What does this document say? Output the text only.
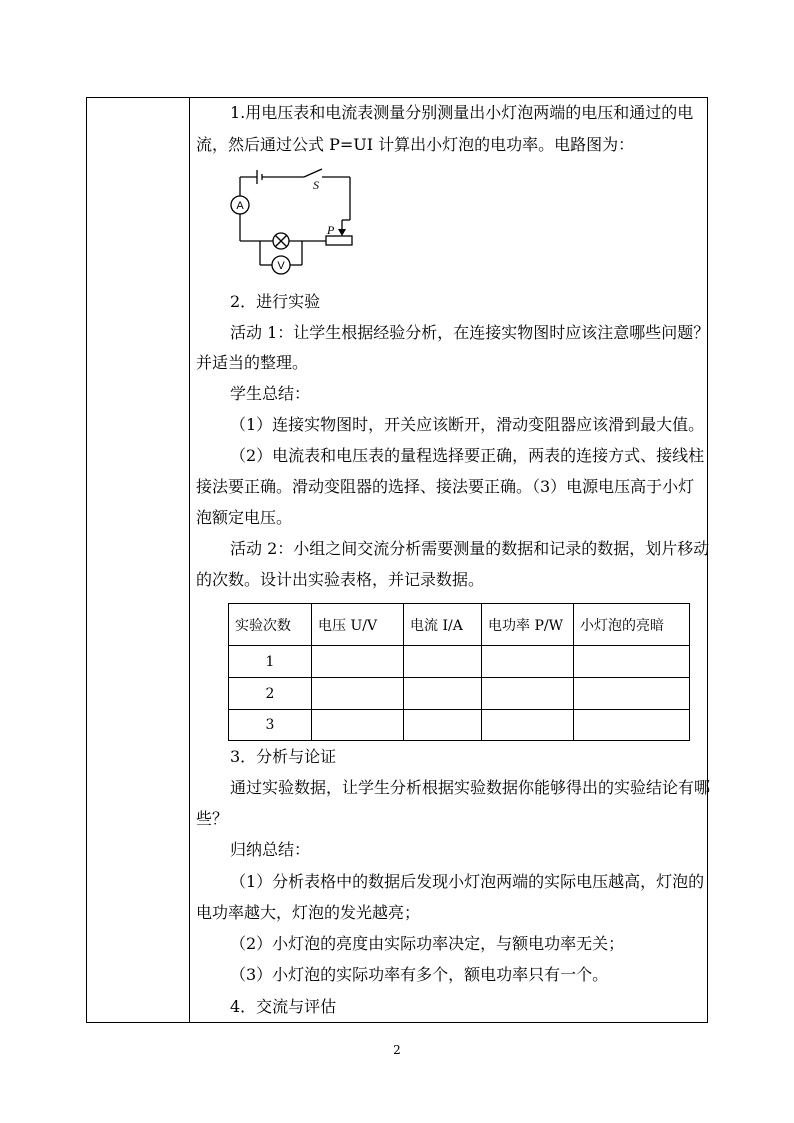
1.用电压表和电流表测量分别测量出小灯泡两端的电压和通过的电
流，然后通过公式 P=UI 计算出小灯泡的电功率。电路图为：
A
V
S
P
2．进行实验
活动 1：让学生根据经验分析，在连接实物图时应该注意哪些问题？
并适当的整理。
学生总结：
（1）连接实物图时，开关应该断开，滑动变阻器应该滑到最大值。
（2）电流表和电压表的量程选择要正确，两表的连接方式、接线柱
接法要正确。滑动变阻器的选择、接法要正确。（3）电源电压高于小灯
泡额定电压。
活动 2：小组之间交流分析需要测量的数据和记录的数据，划片移动
的次数。设计出实验表格，并记录数据。
实验次数	电压 U/V	电流 I/A	电功率 P/W	小灯泡的亮暗
1				
2				
3				
3．分析与论证
通过实验数据，让学生分析根据实验数据你能够得出的实验结论有哪
些？
归纳总结：
（1）分析表格中的数据后发现小灯泡两端的实际电压越高，灯泡的
电功率越大，灯泡的发光越亮；
（2）小灯泡的亮度由实际功率决定，与额电功率无关；
（3）小灯泡的实际功率有多个，额电功率只有一个。
4．交流与评估
2
